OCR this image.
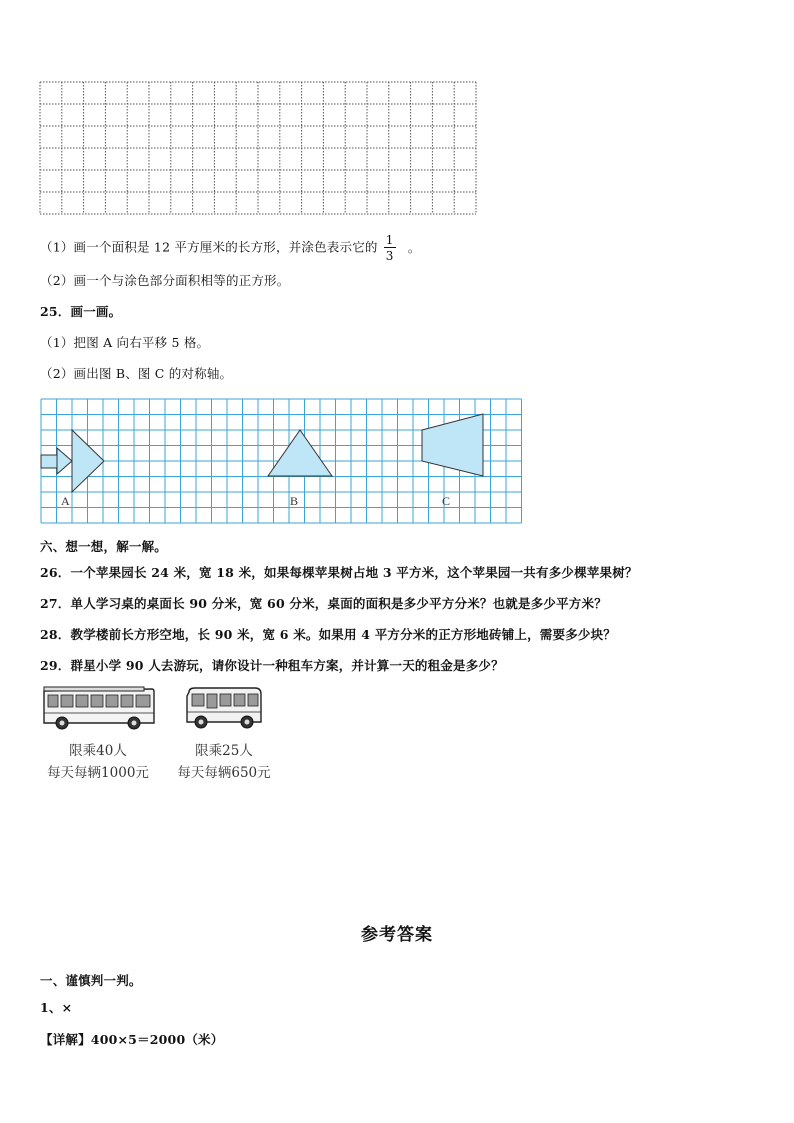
（1）画一个面积是 12 平方厘米的长方形，并涂色表示它的 $\frac{1}{3}$ 。
（2）画一个与涂色部分面积相等的正方形。
25．画一画。
（1）把图 A 向右平移 5 格。
（2）画出图 B、图 C 的对称轴。
A	B	C
六、想一想，解一解。
26．一个苹果园长 24 米，宽 18 米，如果每棵苹果树占地 3 平方米，这个苹果园一共有多少棵苹果树？
27．单人学习桌的桌面长 90 分米，宽 60 分米，桌面的面积是多少平方分米？也就是多少平方米？
28．教学楼前长方形空地，长 90 米，宽 6 米。如果用 4 平方分米的正方形地砖铺上，需要多少块？
29．群星小学 90 人去游玩，请你设计一种租车方案，并计算一天的租金是多少？
限乘40人
每天每辆1000元
限乘25人
每天每辆650元
参考答案
一、谨慎判一判。
1、×
【详解】400×5＝2000（米）
